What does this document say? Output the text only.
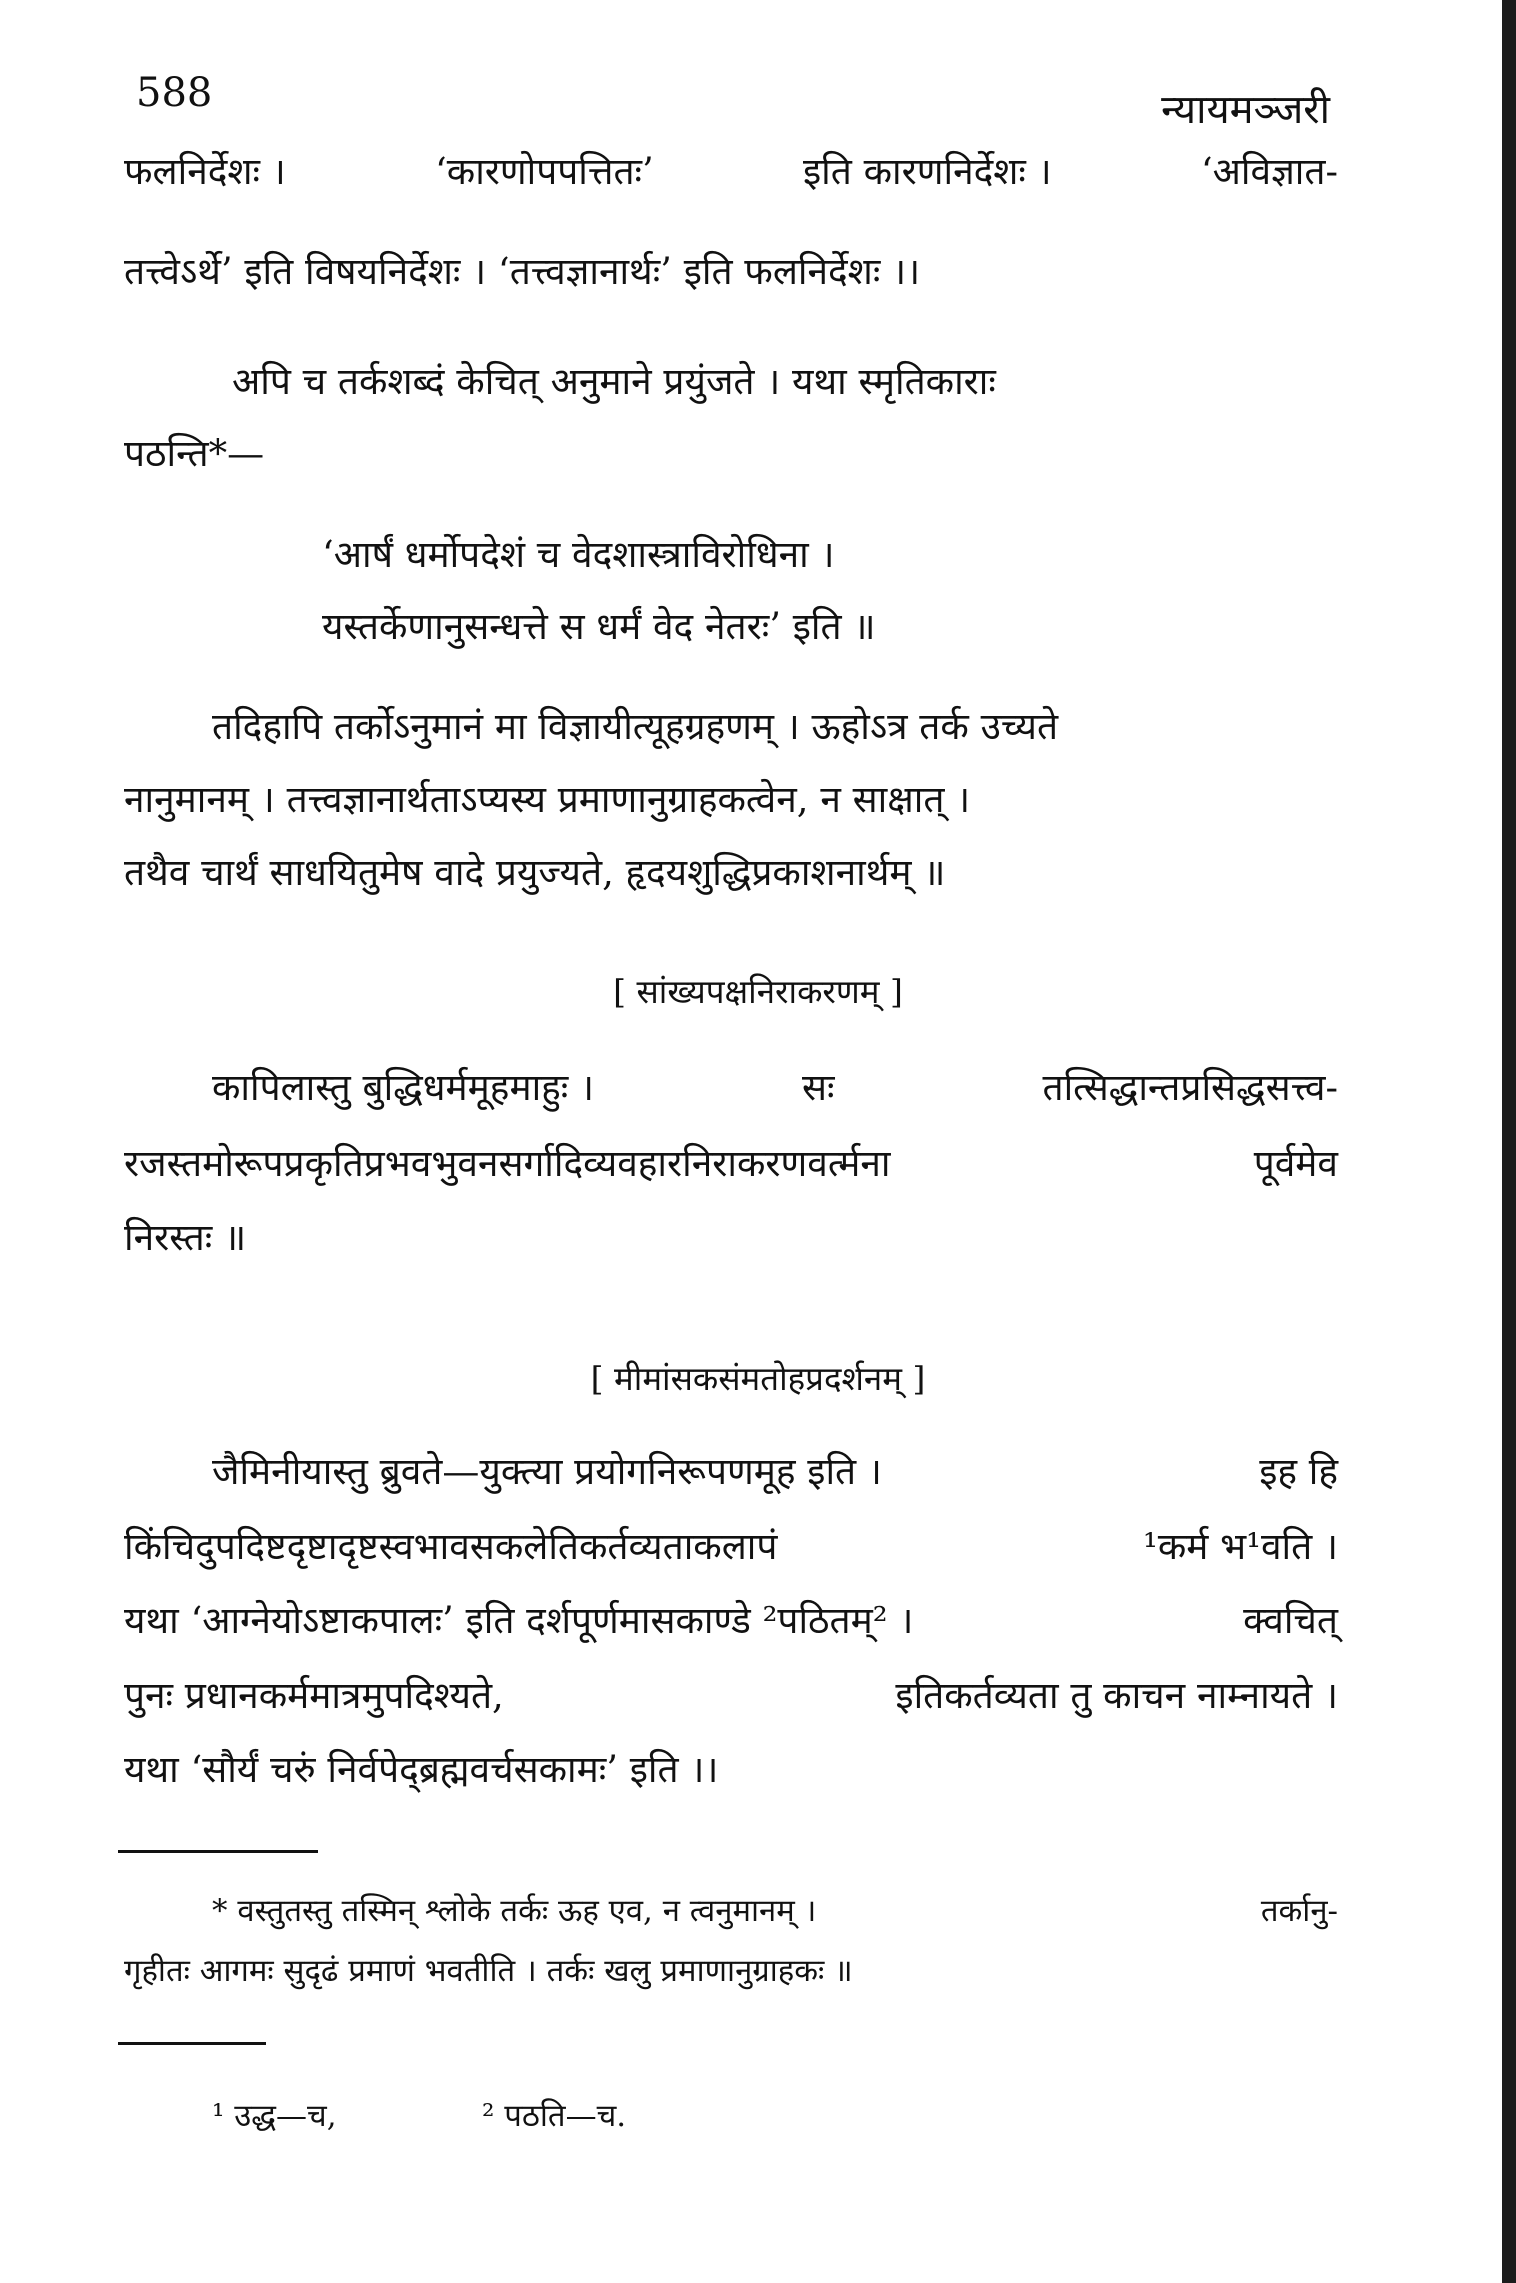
588	न्यायमञ्जरी
फलनिर्देशः ।	‘कारणोपपत्तितः’	इति कारणनिर्देशः ।	‘अविज्ञात-
तत्त्वेऽर्थे’ इति विषयनिर्देशः । ‘तत्त्वज्ञानार्थः’ इति फलनिर्देशः ।।
अपि च तर्कशब्दं केचित् अनुमाने प्रयुंजते । यथा स्मृतिकाराः
पठन्ति*—
‘आर्षं धर्मोपदेशं च वेदशास्त्राविरोधिना ।
यस्तर्केणानुसन्धत्ते स धर्मं वेद नेतरः’ इति ॥
तदिहापि तर्कोऽनुमानं मा विज्ञायीत्यूहग्रहणम् । ऊहोऽत्र तर्क उच्यते
नानुमानम् । तत्त्वज्ञानार्थताऽप्यस्य प्रमाणानुग्राहकत्वेन, न साक्षात् ।
तथैव चार्थं साधयितुमेष वादे प्रयुज्यते, हृदयशुद्धिप्रकाशनार्थम् ॥
[ सांख्यपक्षनिराकरणम् ]
कापिलास्तु बुद्धिधर्ममूहमाहुः ।	सः	तत्सिद्धान्तप्रसिद्धसत्त्व-
रजस्तमोरूपप्रकृतिप्रभवभुवनसर्गादिव्यवहारनिराकरणवर्त्मना	पूर्वमेव
निरस्तः ॥
[ मीमांसकसंमतोहप्रदर्शनम् ]
जैमिनीयास्तु ब्रुवते—युक्त्या प्रयोगनिरूपणमूह इति ।	इह हि
किंचिदुपदिष्टदृष्टादृष्टस्वभावसकलेतिकर्तव्यताकलापं	¹कर्म भ¹वति ।
यथा ‘आग्नेयोऽष्टाकपालः’ इति दर्शपूर्णमासकाण्डे ²पठितम्² ।	क्वचित्
पुनः प्रधानकर्ममात्रमुपदिश्यते,	इतिकर्तव्यता तु काचन नाम्नायते ।
यथा ‘सौर्यं चरुं निर्वपेद्ब्रह्मवर्चसकामः’ इति ।।
* वस्तुतस्तु तस्मिन् श्लोके तर्कः ऊह एव, न त्वनुमानम् ।	तर्कानु-
गृहीतः आगमः सुदृढं प्रमाणं भवतीति । तर्कः खलु प्रमाणानुग्राहकः ॥
¹ उद्ध—च,	² पठति—च.
